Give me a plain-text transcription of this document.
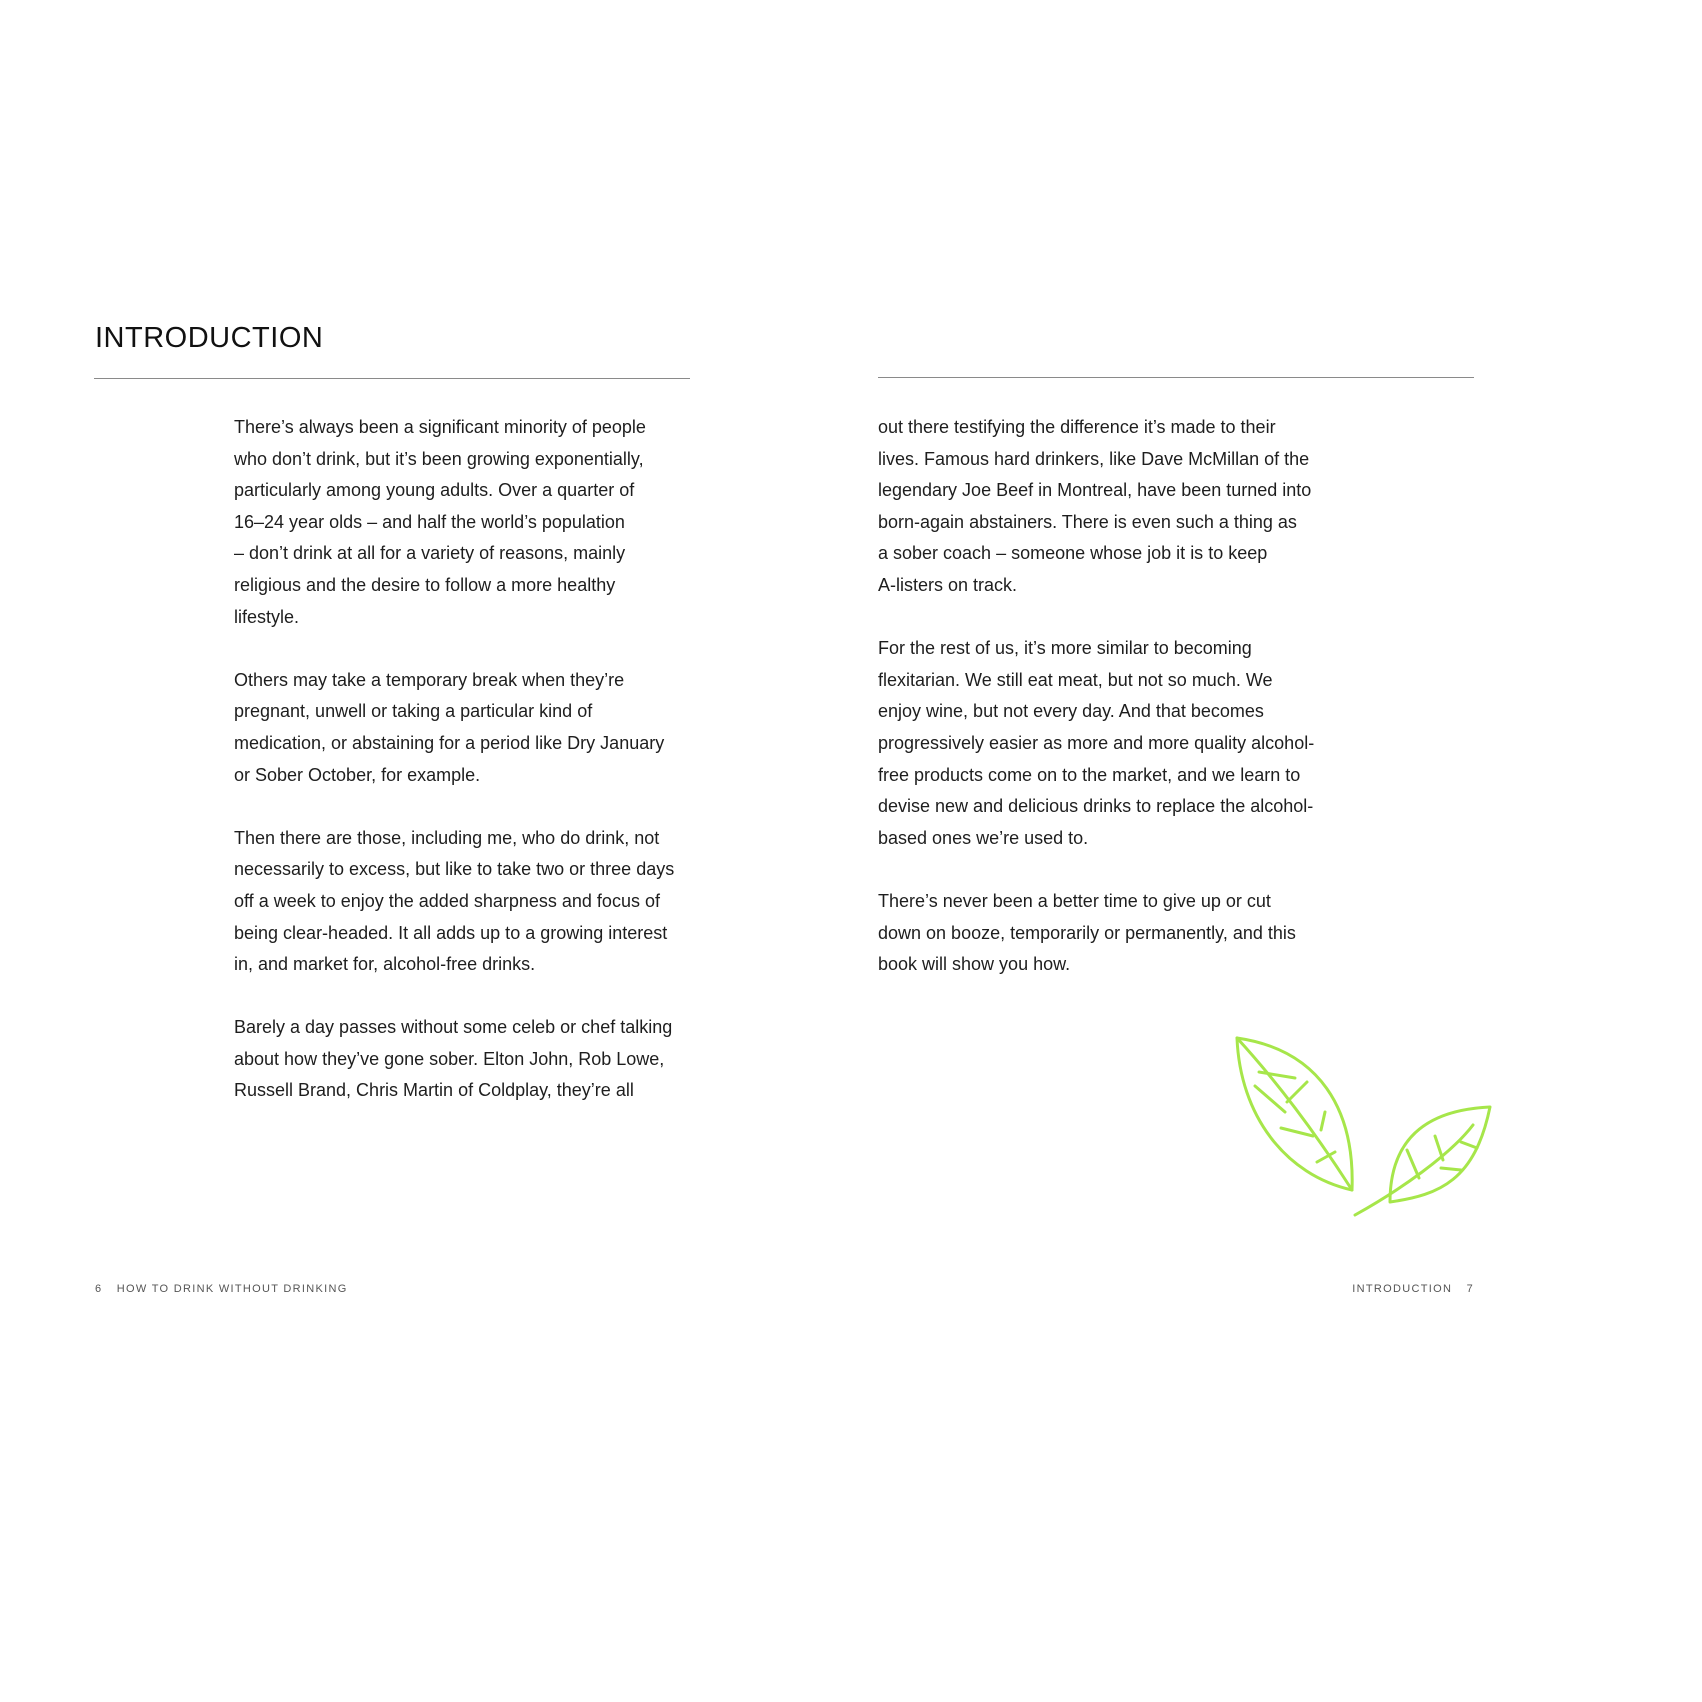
INTRODUCTION

There’s always been a significant minority of people
who don’t drink, but it’s been growing exponentially,
particularly among young adults. Over a quarter of
16–24 year olds – and half the world’s population
– don’t drink at all for a variety of reasons, mainly
religious and the desire to follow a more healthy
lifestyle.

Others may take a temporary break when they’re
pregnant, unwell or taking a particular kind of
medication, or abstaining for a period like Dry January
or Sober October, for example.

Then there are those, including me, who do drink, not
necessarily to excess, but like to take two or three days
off a week to enjoy the added sharpness and focus of
being clear-headed. It all adds up to a growing interest
in, and market for, alcohol-free drinks.

Barely a day passes without some celeb or chef talking
about how they’ve gone sober. Elton John, Rob Lowe,
Russell Brand, Chris Martin of Coldplay, they’re all

6 HOW TO DRINK WITHOUT DRINKING

out there testifying the difference it’s made to their
lives. Famous hard drinkers, like Dave McMillan of the
legendary Joe Beef in Montreal, have been turned into
born-again abstainers. There is even such a thing as
a sober coach – someone whose job it is to keep
A-listers on track.

For the rest of us, it’s more similar to becoming
flexitarian. We still eat meat, but not so much. We
enjoy wine, but not every day. And that becomes
progressively easier as more and more quality alcohol-
free products come on to the market, and we learn to
devise new and delicious drinks to replace the alcohol-
based ones we’re used to.

There’s never been a better time to give up or cut
down on booze, temporarily or permanently, and this
book will show you how.

INTRODUCTION 7
